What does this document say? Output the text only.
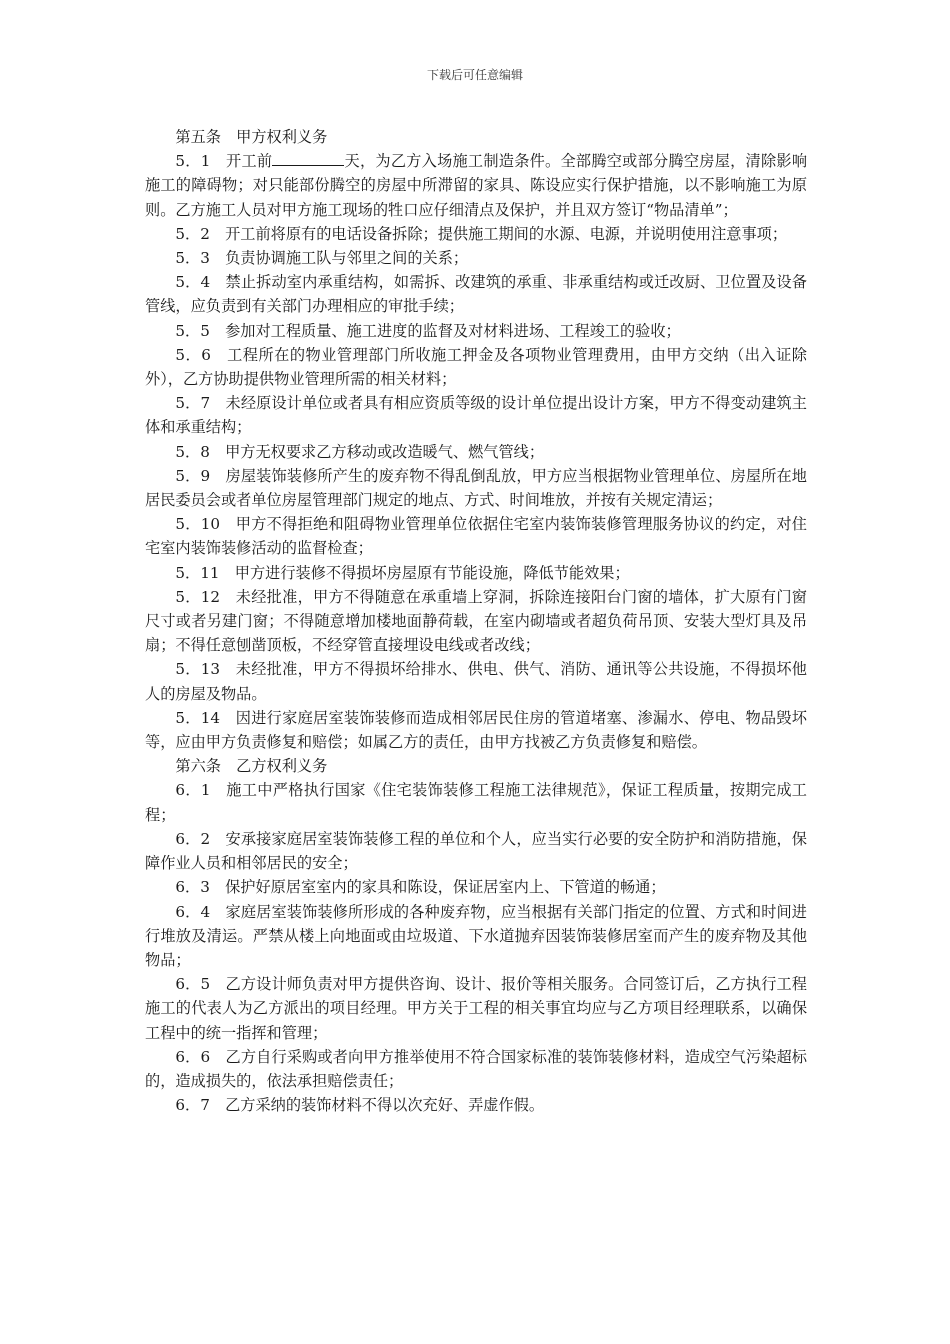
下载后可任意编辑

第五条　甲方权利义务

5．1　开工前	天，为乙方入场施工制造条件。全部腾空或部分腾空房屋，清除影响施工的障碍物；对只能部份腾空的房屋中所滞留的家具、陈设应实行保护措施，以不影响施工为原则。乙方施工人员对甲方施工现场的牲口应仔细清点及保护，并且双方签订“物品清单”；

5．2　开工前将原有的电话设备拆除；提供施工期间的水源、电源，并说明使用注意事项；

5．3　负责协调施工队与邻里之间的关系；

5．4　禁止拆动室内承重结构，如需拆、改建筑的承重、非承重结构或迁改厨、卫位置及设备管线，应负责到有关部门办理相应的审批手续；

5．5　参加对工程质量、施工进度的监督及对材料进场、工程竣工的验收；

5．6　工程所在的物业管理部门所收施工押金及各项物业管理费用，由甲方交纳（出入证除外），乙方协助提供物业管理所需的相关材料；

5．7　未经原设计单位或者具有相应资质等级的设计单位提出设计方案，甲方不得变动建筑主体和承重结构；

5．8　甲方无权要求乙方移动或改造暖气、燃气管线；

5．9　房屋装饰装修所产生的废弃物不得乱倒乱放，甲方应当根据物业管理单位、房屋所在地居民委员会或者单位房屋管理部门规定的地点、方式、时间堆放，并按有关规定清运；

5．10　甲方不得拒绝和阻碍物业管理单位依据住宅室内装饰装修管理服务协议的约定，对住宅室内装饰装修活动的监督检查；

5．11　甲方进行装修不得损坏房屋原有节能设施，降低节能效果；

5．12　未经批准，甲方不得随意在承重墙上穿洞，拆除连接阳台门窗的墙体，扩大原有门窗尺寸或者另建门窗；不得随意增加楼地面静荷载，在室内砌墙或者超负荷吊顶、安装大型灯具及吊扇；不得任意刨凿顶板，不经穿管直接埋设电线或者改线；

5．13　未经批准，甲方不得损坏给排水、供电、供气、消防、通讯等公共设施，不得损坏他人的房屋及物品。

5．14　因进行家庭居室装饰装修而造成相邻居民住房的管道堵塞、渗漏水、停电、物品毁坏等，应由甲方负责修复和赔偿；如属乙方的责任，由甲方找被乙方负责修复和赔偿。

第六条　乙方权利义务

6．1　施工中严格执行国家《住宅装饰装修工程施工法律规范》，保证工程质量，按期完成工程；

6．2　安承接家庭居室装饰装修工程的单位和个人，应当实行必要的安全防护和消防措施，保障作业人员和相邻居民的安全；

6．3　保护好原居室室内的家具和陈设，保证居室内上、下管道的畅通；

6．4　家庭居室装饰装修所形成的各种废弃物，应当根据有关部门指定的位置、方式和时间进行堆放及清运。严禁从楼上向地面或由垃圾道、下水道抛弃因装饰装修居室而产生的废弃物及其他物品；

6．5　乙方设计师负责对甲方提供咨询、设计、报价等相关服务。合同签订后，乙方执行工程施工的代表人为乙方派出的项目经理。甲方关于工程的相关事宜均应与乙方项目经理联系，以确保工程中的统一指挥和管理；

6．6　乙方自行采购或者向甲方推举使用不符合国家标准的装饰装修材料，造成空气污染超标的，造成损失的，依法承担赔偿责任；

6．7　乙方采纳的装饰材料不得以次充好、弄虚作假。
